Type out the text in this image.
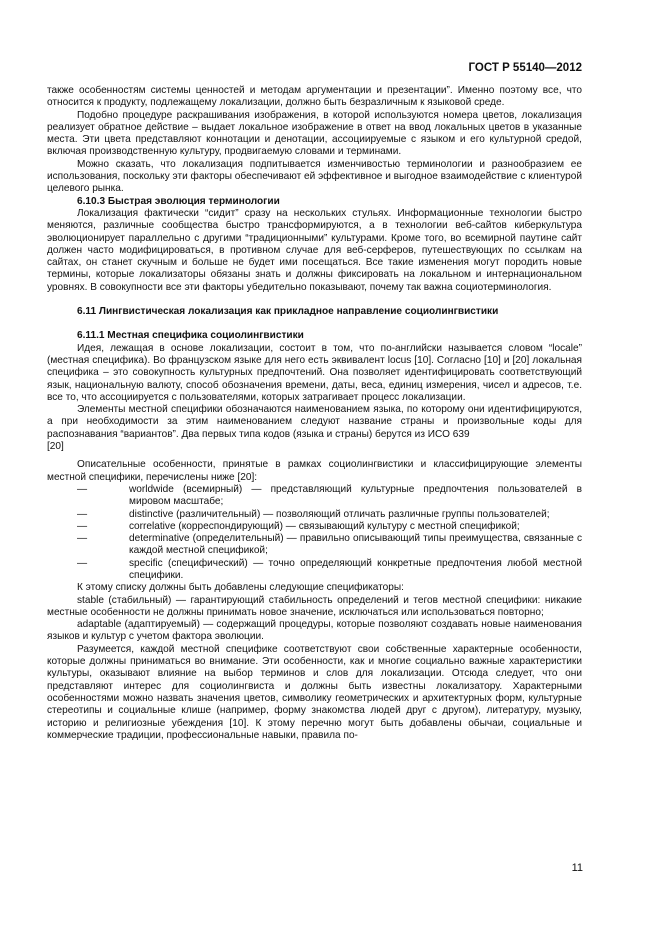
ГОСТ Р 55140—2012

также особенностям системы ценностей и методам аргументации и презентации”. Именно поэтому все, что относится к продукту, подлежащему локализации, должно быть безразличным к языковой среде.

Подобно процедуре раскрашивания изображения, в которой используются номера цветов, локализация реализует обратное действие – выдает локальное изображение в ответ на ввод локальных цветов в указанные места. Эти цвета представляют коннотации и денотации, ассоциируемые с языком и его культурной средой, включая производственную культуру, продвигаемую словами и терминами.

Можно сказать, что локализация подпитывается изменчивостью терминологии и разнообразием ее использования, поскольку эти факторы обеспечивают ей эффективное и выгодное взаимодействие с клиентурой целевого рынка.

6.10.3 Быстрая эволюция терминологии

Локализация фактически “сидит” сразу на нескольких стульях. Информационные технологии быстро меняются, различные сообщества быстро трансформируются, а в технологии веб-сайтов киберкультура эволюционирует параллельно с другими “традиционными” культурами. Кроме того, во всемирной паутине сайт должен часто модифицироваться, в противном случае для веб-серферов, путешествующих по ссылкам на сайтах, он станет скучным и больше не будет ими посещаться. Все такие изменения могут породить новые термины, которые локализаторы обязаны знать и должны фиксировать на локальном и интернациональном уровнях. В совокупности все эти факторы убедительно показывают, почему так важна социотерминология.

6.11 Лингвистическая локализация как прикладное направление социолингвистики

6.11.1 Местная специфика социолингвистики

Идея, лежащая в основе локализации, состоит в том, что по-английски называется словом “locale” (местная специфика). Во французском языке для него есть эквивалент locus [10]. Согласно [10] и [20] локальная специфика – это совокупность культурных предпочтений. Она позволяет идентифицировать соответствующий язык, национальную валюту, способ обозначения времени, даты, веса, единиц измерения, чисел и адресов, т.е. все то, что ассоциируется с пользователями, которых затрагивает процесс локализации.

Элементы местной специфики обозначаются наименованием языка, по которому они идентифицируются, а при необходимости за этим наименованием следуют название страны и произвольные коды для распознавания “вариантов”. Два первых типа кодов (языка и страны) берутся из ИСО 639
[20]

Описательные особенности, принятые в рамках социолингвистики и классифицирующие элементы местной специфики, перечислены ниже [20]:

—	worldwide (всемирный) — представляющий культурные предпочтения пользователей в мировом масштабе;
—	distinctive (различительный) — позволяющий отличать различные группы пользователей;
—	correlative (корреспондирующий) — связывающий культуру с местной спецификой;
—	determinative (определительный) — правильно описывающий типы преимущества, связанные с каждой местной спецификой;
—	specific (специфический) — точно определяющий конкретные предпочтения любой местной специфики.

К этому списку должны быть добавлены следующие спецификаторы:

stable (стабильный) — гарантирующий стабильность определений и тегов местной специфики: никакие местные особенности не должны принимать новое значение, исключаться или использоваться повторно;

adaptable (адаптируемый) — содержащий процедуры, которые позволяют создавать новые наименования языков и культур с учетом фактора эволюции.

Разумеется, каждой местной специфике соответствуют свои собственные характерные особенности, которые должны приниматься во внимание. Эти особенности, как и многие социально важные характеристики культуры, оказывают влияние на выбор терминов и слов для локализации. Отсюда следует, что они представляют интерес для социолингвиста и должны быть известны локализатору. Характерными особенностями можно назвать значения цветов, символику геометрических и архитектурных форм, культурные стереотипы и социальные клише (например, форму знакомства людей друг с другом), литературу, музыку, историю и религиозные убеждения [10]. К этому перечню могут быть добавлены обычаи, социальные и коммерческие традиции, профессиональные навыки, правила по-

11
